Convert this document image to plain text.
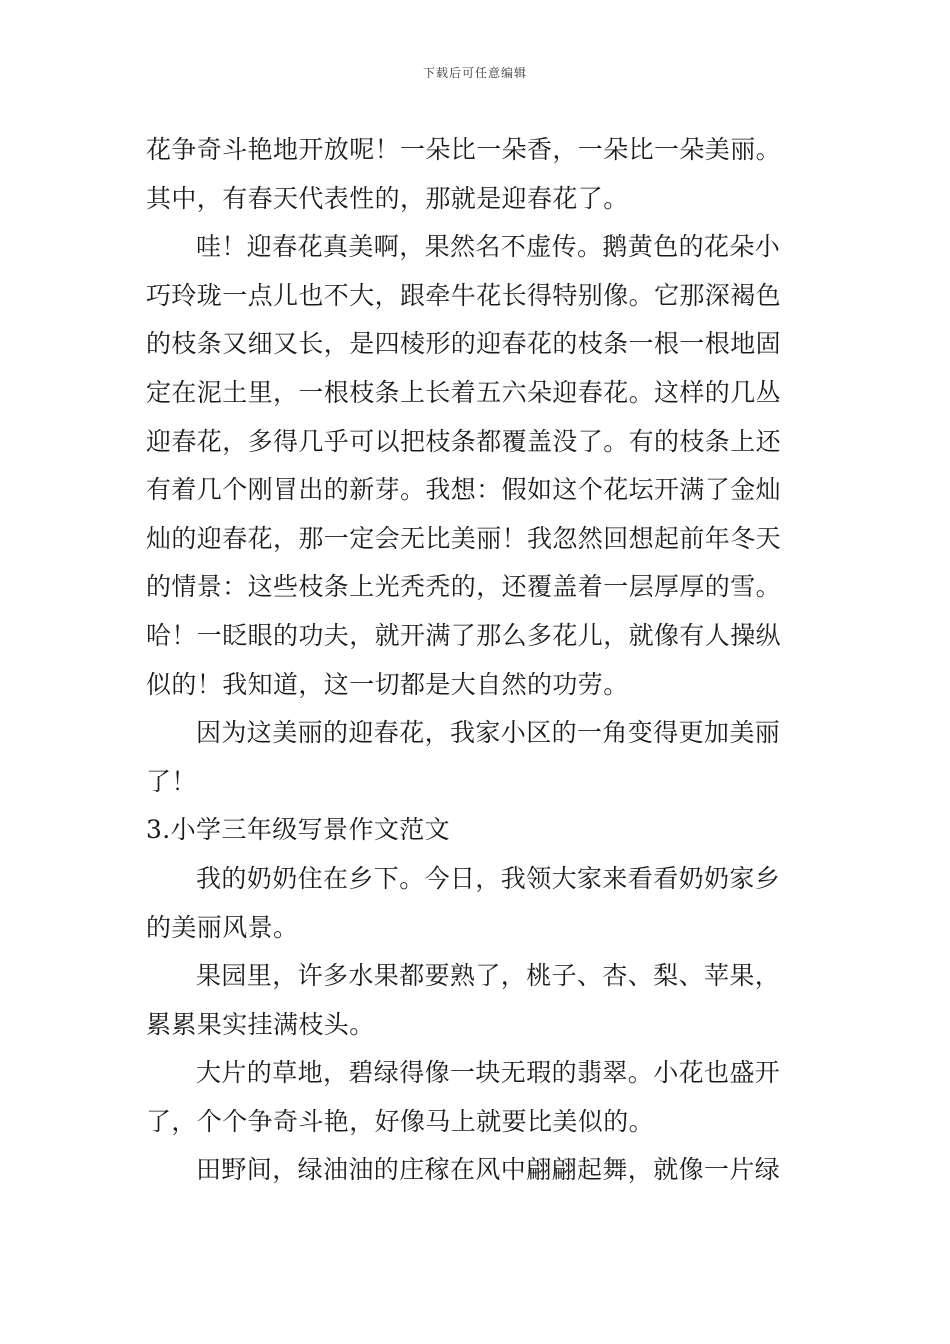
下载后可任意编辑
花争奇斗艳地开放呢！一朵比一朵香，一朵比一朵美丽。
其中，有春天代表性的，那就是迎春花了。
哇！迎春花真美啊，果然名不虚传。鹅黄色的花朵小
巧玲珑一点儿也不大，跟牵牛花长得特别像。它那深褐色
的枝条又细又长，是四棱形的迎春花的枝条一根一根地固
定在泥土里，一根枝条上长着五六朵迎春花。这样的几丛
迎春花，多得几乎可以把枝条都覆盖没了。有的枝条上还
有着几个刚冒出的新芽。我想：假如这个花坛开满了金灿
灿的迎春花，那一定会无比美丽！我忽然回想起前年冬天
的情景：这些枝条上光秃秃的，还覆盖着一层厚厚的雪。
哈！一眨眼的功夫，就开满了那么多花儿，就像有人操纵
似的！我知道，这一切都是大自然的功劳。
因为这美丽的迎春花，我家小区的一角变得更加美丽
了！
3.小学三年级写景作文范文
我的奶奶住在乡下。今日，我领大家来看看奶奶家乡
的美丽风景。
果园里，许多水果都要熟了，桃子、杏、梨、苹果，
累累果实挂满枝头。
大片的草地，碧绿得像一块无瑕的翡翠。小花也盛开
了，个个争奇斗艳，好像马上就要比美似的。
田野间，绿油油的庄稼在风中翩翩起舞，就像一片绿
